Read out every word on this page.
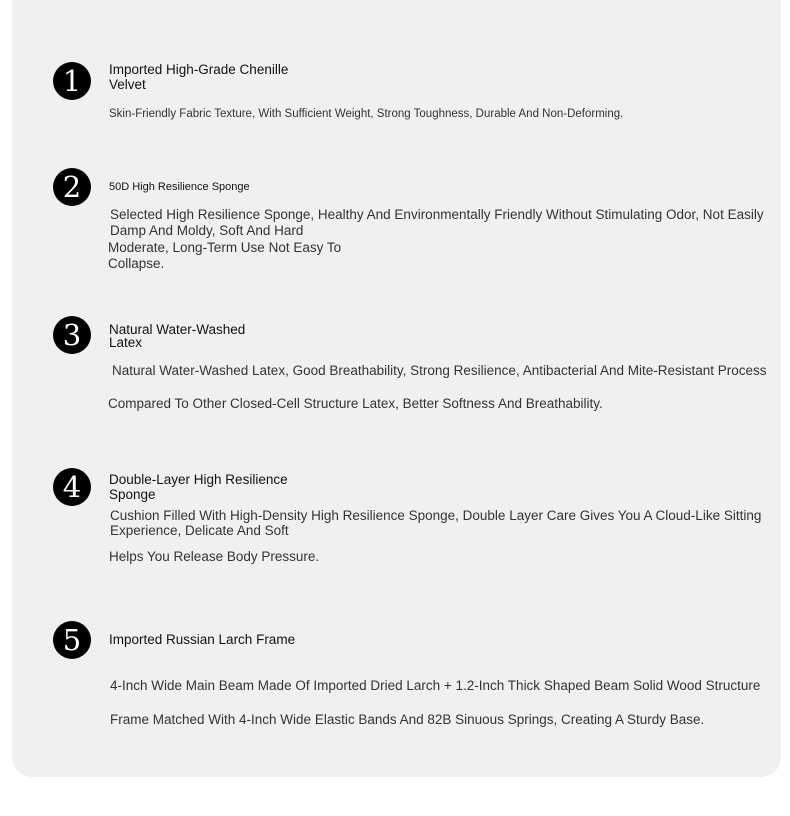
1	Imported High-Grade Chenille
Velvet

Skin-Friendly Fabric Texture, With Sufficient Weight, Strong Toughness, Durable And Non-Deforming.

2	50D High Resilience Sponge

Selected High Resilience Sponge, Healthy And Environmentally Friendly Without Stimulating Odor, Not Easily

Damp And Moldy, Soft And Hard

Moderate, Long-Term Use Not Easy To

Collapse.

3	Natural Water-Washed
Latex

Natural Water-Washed Latex, Good Breathability, Strong Resilience, Antibacterial And Mite-Resistant Process

Compared To Other Closed-Cell Structure Latex, Better Softness And Breathability.

4	Double-Layer High Resilience
Sponge

Cushion Filled With High-Density High Resilience Sponge, Double Layer Care Gives You A Cloud-Like Sitting

Experience, Delicate And Soft

Helps You Release Body Pressure.

5	Imported Russian Larch Frame

4-Inch Wide Main Beam Made Of Imported Dried Larch + 1.2-Inch Thick Shaped Beam Solid Wood Structure

Frame Matched With 4-Inch Wide Elastic Bands And 82B Sinuous Springs, Creating A Sturdy Base.
